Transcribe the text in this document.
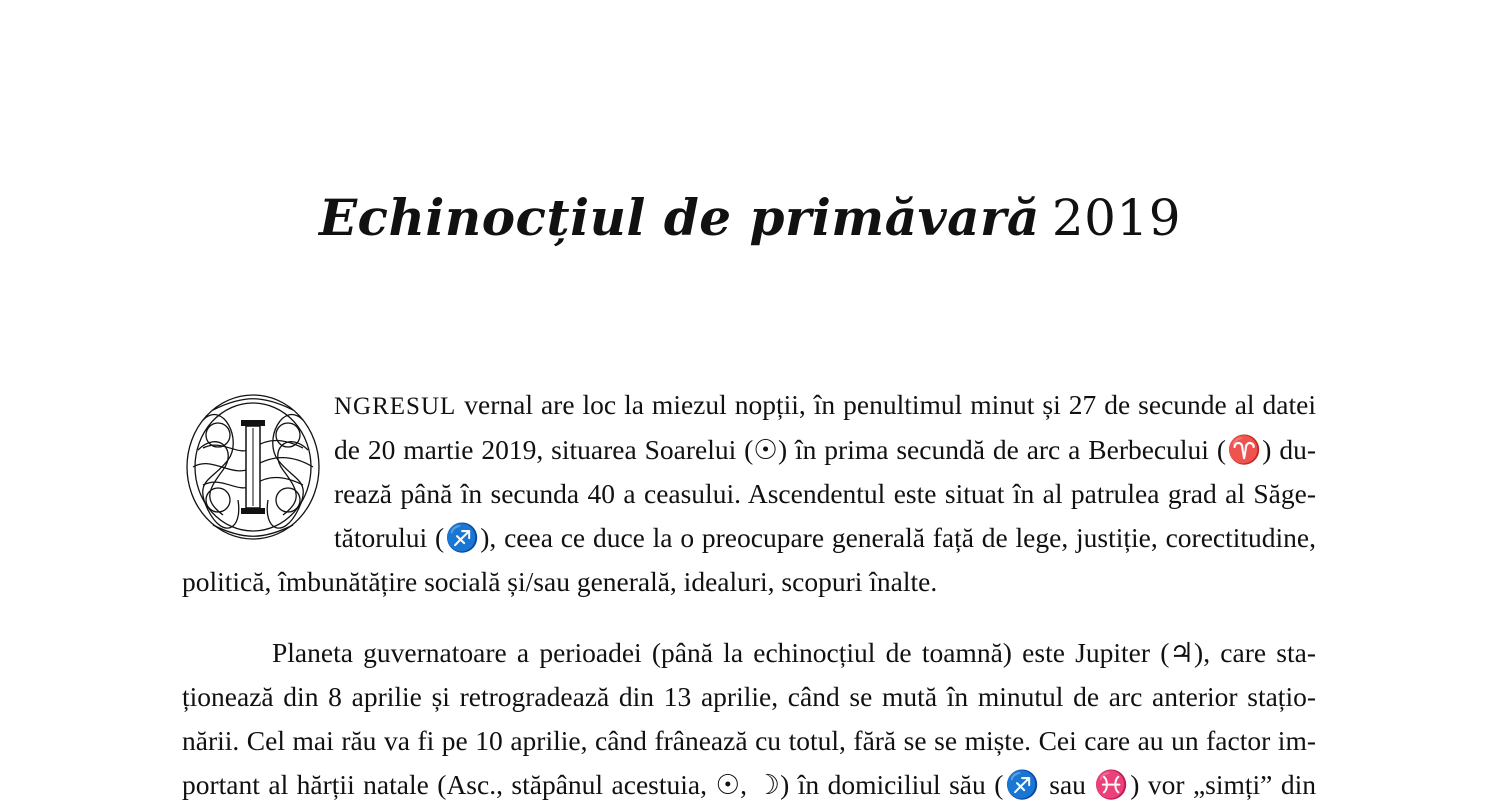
Echinocțiul de primăvară 2019
NGRESUL vernal are loc la miezul nopții, în penultimul minut și 27 de secunde al datei
de 20 martie 2019, situarea Soarelui (☉) în prima secundă de arc a Berbecului (♈) du-
rează până în secunda 40 a ceasului. Ascendentul este situat în al patrulea grad al Săge-
tătorului (♐), ceea ce duce la o preocupare generală față de lege, justiție, corectitudine,
politică, îmbunătățire socială și/sau generală, idealuri, scopuri înalte.
Planeta guvernatoare a perioadei (până la echinocțiul de toamnă) este Jupiter (♃), care sta-
ționează din 8 aprilie și retrogradează din 13 aprilie, când se mută în minutul de arc anterior stațio-
nării. Cel mai rău va fi pe 10 aprilie, când frânează cu totul, fără se se miște. Cei care au un factor im-
portant al hărții natale (Asc., stăpânul acestuia, ☉, ☽) în domiciliul său (♐ sau ♓) vor „simți” din
